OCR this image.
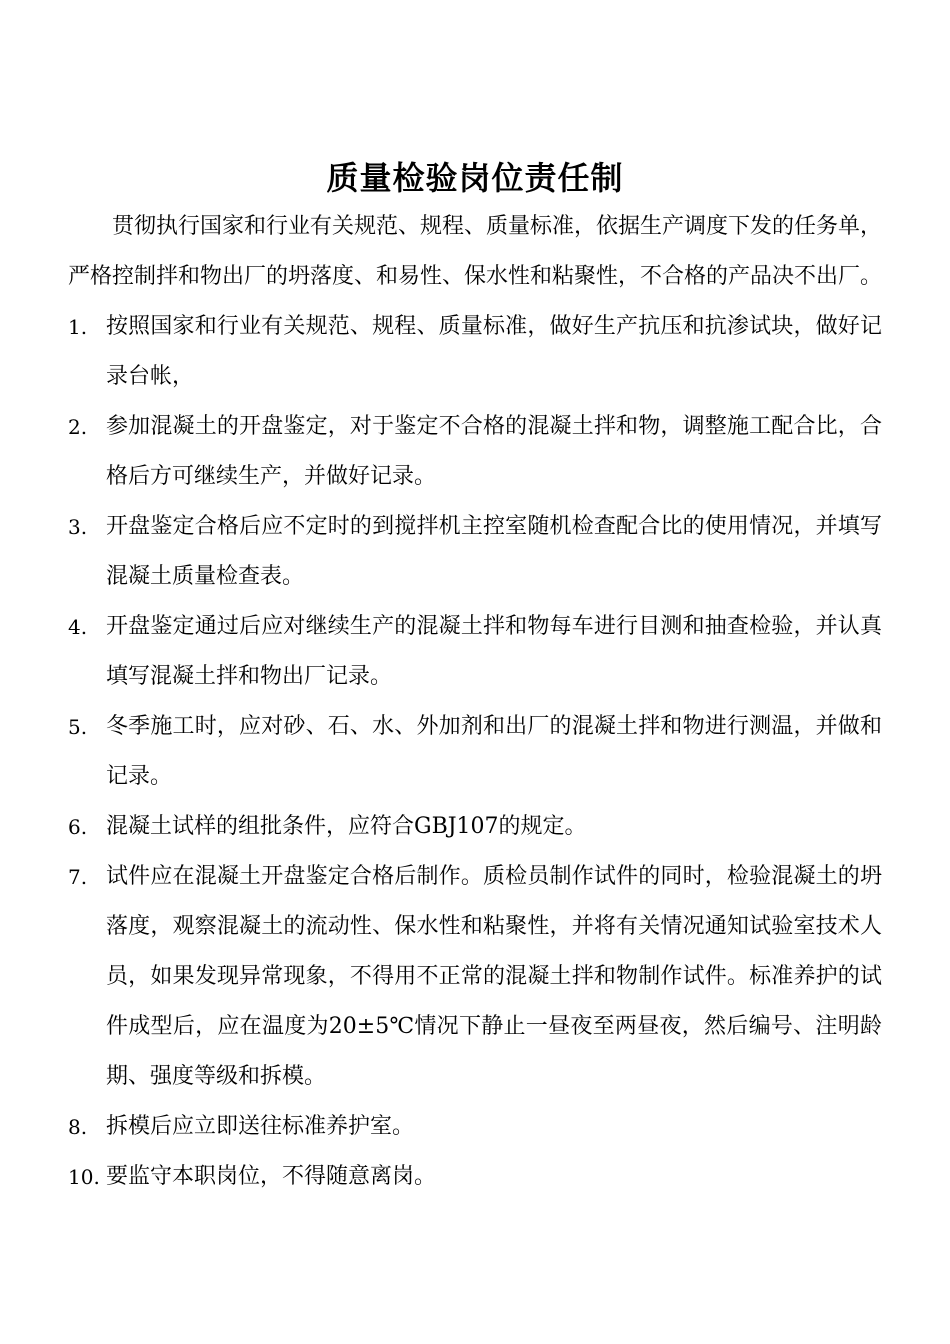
质量检验岗位责任制

贯彻执行国家和行业有关规范、规程、质量标准，依据生产调度下发的任务单，严格控制拌和物出厂的坍落度、和易性、保水性和粘聚性，不合格的产品决不出厂。

1. 按照国家和行业有关规范、规程、质量标准，做好生产抗压和抗渗试块，做好记录台帐，
2. 参加混凝土的开盘鉴定，对于鉴定不合格的混凝土拌和物，调整施工配合比，合格后方可继续生产，并做好记录。
3. 开盘鉴定合格后应不定时的到搅拌机主控室随机检查配合比的使用情况，并填写混凝土质量检查表。
4. 开盘鉴定通过后应对继续生产的混凝土拌和物每车进行目测和抽查检验，并认真填写混凝土拌和物出厂记录。
5. 冬季施工时，应对砂、石、水、外加剂和出厂的混凝土拌和物进行测温，并做和记录。
6. 混凝土试样的组批条件，应符合GBJ107的规定。
7. 试件应在混凝土开盘鉴定合格后制作。质检员制作试件的同时，检验混凝土的坍落度，观察混凝土的流动性、保水性和粘聚性，并将有关情况通知试验室技术人员，如果发现异常现象，不得用不正常的混凝土拌和物制作试件。标准养护的试件成型后，应在温度为20±5℃情况下静止一昼夜至两昼夜，然后编号、注明龄期、强度等级和拆模。
8. 拆模后应立即送往标准养护室。
10. 要监守本职岗位，不得随意离岗。
